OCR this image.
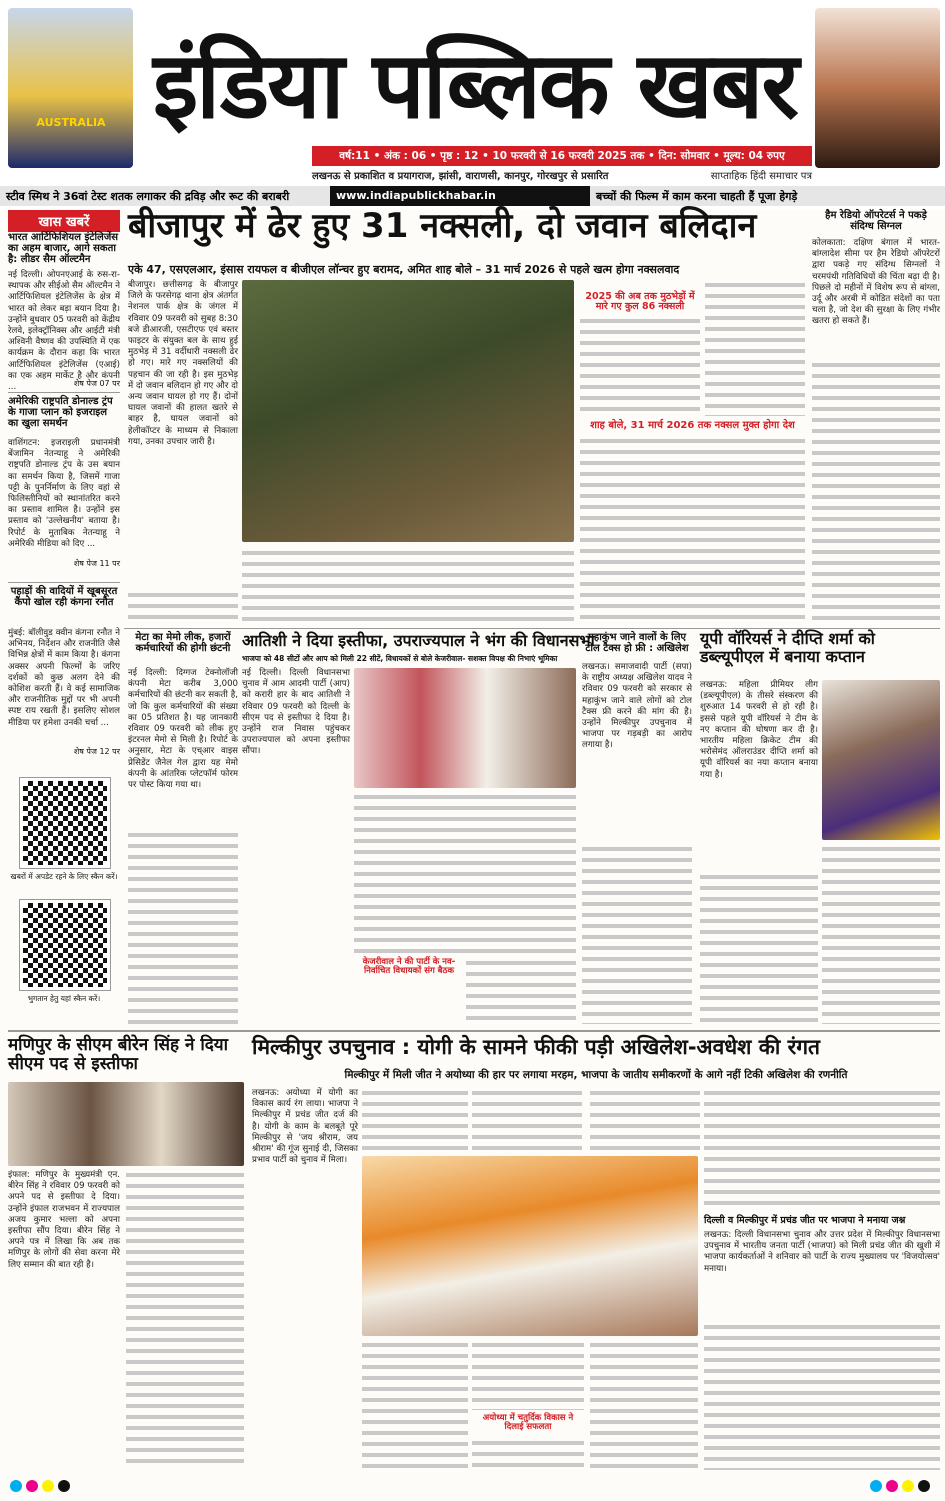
AUSTRALIA इंडिया पब्लिक खबर
वर्ष:11 • अंक : 06 • पृष्ठ : 12 • 10 फरवरी से 16 फरवरी 2025 तक • दिन: सोमवार • मूल्य: 04 रुपए
लखनऊ से प्रकाशित व प्रयागराज, झांसी, वाराणसी, कानपुर, गोरखपुर से प्रसारित	साप्ताहिक हिंदी समाचार पत्र
स्टीव स्मिथ ने 36वां टेस्ट शतक लगाकर की द्रविड़ और रूट की बराबरी	www.indiapublickhabar.in	बच्चों की फिल्म में काम करना चाहती हैं पूजा हेगड़े
खास खबरें
भारत आर्टिफिशियल इंटेलिजेंस का अहम बाजार, आगे सकता है: लीडर सैम ऑल्टमैन
नई दिल्ली। ओपनएआई के रुस-रा-स्थापक और सीईओ सैम ऑल्टमैन ने आर्टिफिशियल इंटेलिजेंस के क्षेत्र में भारत को लेकर बड़ा बयान दिया है। उन्होंने बुधवार 05 फरवरी को केंद्रीय रेलवे, इलेक्ट्रॉनिक्स और आईटी मंत्री अश्विनी वैष्णव की उपस्थिति में एक कार्यक्रम के दौरान कहा कि भारत आर्टिफिशियल इंटेलिजेंस (एआई) का एक अहम मार्केट है और कंपनी ...	शेष पेज 07 पर
अमेरिकी राष्ट्रपति डोनाल्ड ट्रंप के गाजा प्लान को इजराइल का खुला समर्थन
वाशिंगटन: इजराइली प्रधानमंत्री बेंजामिन नेतन्याहू ने अमेरिकी राष्ट्रपति डोनाल्ड ट्रंप के उस बयान का समर्थन किया है, जिसमें गाजा पट्टी के पुनर्निर्माण के लिए वहां से फिलिस्तीनियों को स्थानांतरित करने का प्रस्ताव शामिल है। उन्होंने इस प्रस्ताव को 'उल्लेखनीय' बताया है। रिपोर्ट के मुताबिक नेतन्याहू ने अमेरिकी मीडिया को दिए ...
शेष पेज 11 पर
पहाड़ों की वादियों में खूबसूरत कैंपो खोल रही कंगना रनौत
मुंबई: बॉलीवुड क्वीन कंगना रनौत ने अभिनय, निर्देशन और राजनीति जैसे विभिन्न क्षेत्रों में काम किया है। कंगना अक्सर अपनी फिल्मों के जरिए दर्शकों को कुछ अलग देने की कोशिश करती हैं। वे कई सामाजिक और राजनीतिक मुद्दों पर भी अपनी स्पष्ट राय रखती हैं। इसलिए सोशल मीडिया पर हमेशा उनकी चर्चा ...
शेष पेज 12 पर
खबरों में अपडेट रहने के लिए स्कैन करें।
भुगतान हेतु यहां स्कैन करें।
बीजापुर में ढेर हुए 31 नक्सली, दो जवान बलिदान
एके 47, एसएलआर, इंसास रायफल व बीजीएल लॉन्चर हुए बरामद, अमित शाह बोले – 31 मार्च 2026 से पहले खत्म होगा नक्सलवाद
बीजापुर। छत्तीसगढ़ के बीजापुर जिले के फरसेगढ़ थाना क्षेत्र अंतर्गत नेशनल पार्क क्षेत्र के जंगल में रविवार 09 फरवरी को सुबह 8:30 बजे डीआरजी, एसटीएफ एवं बस्तर फाइटर के संयुक्त बल के साथ हुई मुठभेड़ में 31 वर्दीधारी नक्सली ढेर हो गए। मारे गए नक्सलियों की पहचान की जा रही है। इस मुठभेड़ में दो जवान बलिदान हो गए और दो अन्य जवान घायल हो गए हैं। दोनों घायल जवानों की हालत खतरे से बाहर है, घायल जवानों को हेलीकॉप्टर के माध्यम से निकाला गया, उनका उपचार जारी है।
2025 की अब तक मुठभेड़ों में मारे गए कुल 86 नक्सली
शाह बोले, 31 मार्च 2026 तक नक्सल मुक्त होगा देश
हैम रेडियो ऑपरेटर्स ने पकड़े संदिग्ध सिग्नल
कोलकाता: दक्षिण बंगाल में भारत-बांग्लादेश सीमा पर हैम रेडियो ऑपरेटरों द्वारा पकड़े गए संदिग्ध सिग्नलों ने चरमपंथी गतिविधियों की चिंता बढ़ा दी है। पिछले दो महीनों में विशेष रूप से बांग्ला, उर्दू और अरबी में कोडित संदेशों का पता चला है, जो देश की सुरक्षा के लिए गंभीर खतरा हो सकते हैं।
मेटा का मेमो लीक, हजारों कर्मचारियों की होगी छंटनी
नई दिल्ली: दिग्गज टेक्नोलॉजी कंपनी मेटा करीब 3,000 कर्मचारियों की छंटनी कर सकती है, जो कि कुल कर्मचारियों की संख्या का 05 प्रतिशत है। यह जानकारी रविवार 09 फरवरी को लीक हुए इंटरनल मेमो से मिली है। रिपोर्ट के अनुसार, मेटा के एच्आर वाइस प्रेसिडेंट जैनेल गेल द्वारा यह मेमो कंपनी के आंतरिक प्लेटफॉर्म फोरम पर पोस्ट किया गया था।
आतिशी ने दिया इस्तीफा, उपराज्यपाल ने भंग की विधानसभा
भाजपा को 48 सीटों और आप को मिली 22 सीटें, विधायकों से बोले केजरीवाल- सशक्त विपक्ष की निभाएं भूमिका
नई दिल्ली। दिल्ली विधानसभा चुनाव में आम आदमी पार्टी (आप) को करारी हार के बाद आतिशी ने रविवार 09 फरवरी को दिल्ली के सीएम पद से इस्तीफा दे दिया है। उन्होंने राज निवास पहुंचकर उपराज्यपाल को अपना इस्तीफा सौंपा।
केजरीवाल ने की पार्टी के नव-निर्वाचित विधायकों संग बैठक
महाकुंभ जाने वालों के लिए टोल टैक्स हो फ्री : अखिलेश
लखनऊ। समाजवादी पार्टी (सपा) के राष्ट्रीय अध्यक्ष अखिलेश यादव ने रविवार 09 फरवरी को सरकार से महाकुंभ जाने वाले लोगों को टोल टैक्स फ्री करने की मांग की है। उन्होंने मिल्कीपुर उपचुनाव में भाजपा पर गड़बड़ी का आरोप लगाया है।
यूपी वॉरियर्स ने दीप्ति शर्मा को डब्ल्यूपीएल में बनाया कप्तान
लखनऊ: महिला प्रीमियर लीग (डब्ल्यूपीएल) के तीसरे संस्करण की शुरुआत 14 फरवरी से हो रही है। इससे पहले यूपी वॉरियर्स ने टीम के नए कप्तान की घोषणा कर दी है। भारतीय महिला क्रिकेट टीम की भरोसेमंद ऑलराउंडर दीप्ति शर्मा को यूपी वॉरियर्स का नया कप्तान बनाया गया है।
मणिपुर के सीएम बीरेन सिंह ने दिया सीएम पद से इस्तीफा
इंफाल: मणिपुर के मुख्यमंत्री एन. बीरेन सिंह ने रविवार 09 फरवरी को अपने पद से इस्तीफा दे दिया। उन्होंने इंफाल राजभवन में राज्यपाल अजय कुमार भल्ला को अपना इस्तीफा सौंप दिया। बीरेन सिंह ने अपने पत्र में लिखा कि अब तक मणिपुर के लोगों की सेवा करना मेरे लिए सम्मान की बात रही है।
मिल्कीपुर उपचुनाव : योगी के सामने फीकी पड़ी अखिलेश-अवधेश की रंगत
मिल्कीपुर में मिली जीत ने अयोध्या की हार पर लगाया मरहम, भाजपा के जातीय समीकरणों के आगे नहीं टिकी अखिलेश की रणनीति
लखनऊ: अयोध्या में योगी का विकास कार्य रंग लाया। भाजपा ने मिल्कीपुर में प्रचंड जीत दर्ज की है। योगी के काम के बलबूते पूरे मिल्कीपुर से 'जय श्रीराम, जय श्रीराम' की गूंज सुनाई दी, जिसका प्रभाव पार्टी को चुनाव में मिला।
अयोध्या में चतुर्दिक विकास ने दिलाई सफलता
दिल्ली व मिल्कीपुर में प्रचंड जीत पर भाजपा ने मनाया जश्न
लखनऊ: दिल्ली विधानसभा चुनाव और उत्तर प्रदेश में मिल्कीपुर विधानसभा उपचुनाव में भारतीय जनता पार्टी (भाजपा) को मिली प्रचंड जीत की खुशी में भाजपा कार्यकर्ताओं ने शनिवार को पार्टी के राज्य मुख्यालय पर 'विजयोत्सव' मनाया।
